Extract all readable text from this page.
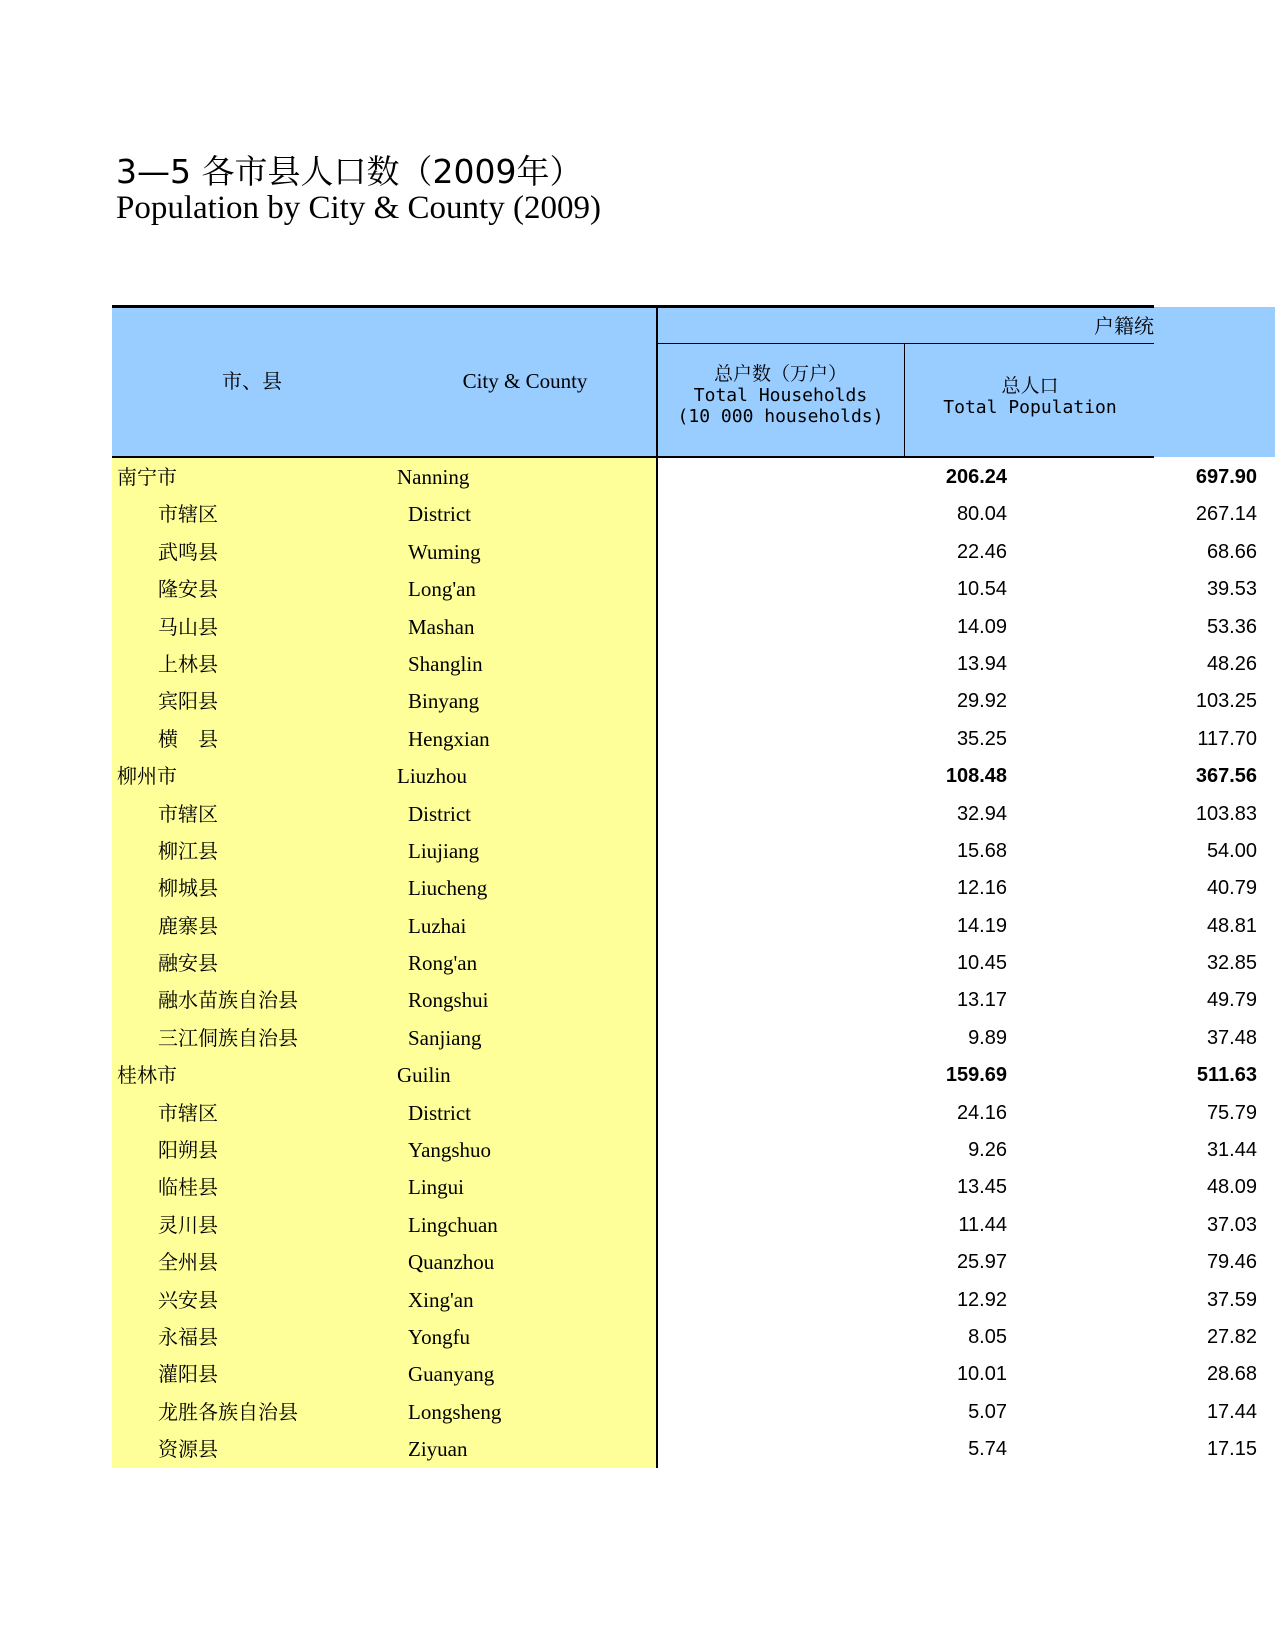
3—5 各市县人口数（2009年）
Population by City & County (2009)
户籍统
市、县	City & County	总户数（万户）
Total Households
(10 000 households)
总人口
Total Population
南宁市	Nanning	206.24	697.90
市辖区	District	80.04	267.14
武鸣县	Wuming	22.46	68.66
隆安县	Long'an	10.54	39.53
马山县	Mashan	14.09	53.36
上林县	Shanglin	13.94	48.26
宾阳县	Binyang	29.92	103.25
横　县	Hengxian	35.25	117.70
柳州市	Liuzhou	108.48	367.56
市辖区	District	32.94	103.83
柳江县	Liujiang	15.68	54.00
柳城县	Liucheng	12.16	40.79
鹿寨县	Luzhai	14.19	48.81
融安县	Rong'an	10.45	32.85
融水苗族自治县	Rongshui	13.17	49.79
三江侗族自治县	Sanjiang	9.89	37.48
桂林市	Guilin	159.69	511.63
市辖区	District	24.16	75.79
阳朔县	Yangshuo	9.26	31.44
临桂县	Lingui	13.45	48.09
灵川县	Lingchuan	11.44	37.03
全州县	Quanzhou	25.97	79.46
兴安县	Xing'an	12.92	37.59
永福县	Yongfu	8.05	27.82
灌阳县	Guanyang	10.01	28.68
龙胜各族自治县	Longsheng	5.07	17.44
资源县	Ziyuan	5.74	17.15
